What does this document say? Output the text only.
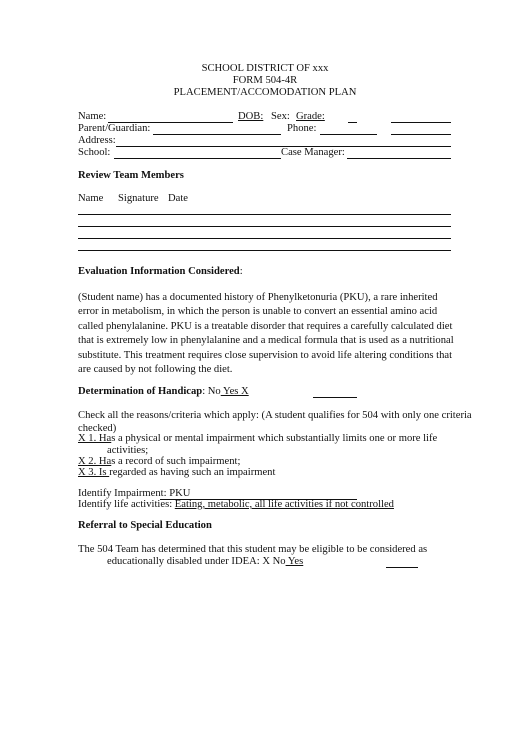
SCHOOL DISTRICT OF xxx
FORM 504-4R
PLACEMENT/ACCOMODATION PLAN
Name:	DOB: Sex: Grade:
Parent/Guardian:	Phone:
Address:
School:	Case Manager:
Review Team Members
Name Signature Date
Evaluation Information Considered:
(Student name) has a documented history of Phenylketonuria (PKU), a rare inherited
error in metabolism, in which the person is unable to convert an essential amino acid
called phenylalanine. PKU is a treatable disorder that requires a carefully calculated diet
that is extremely low in phenylalanine and a medical formula that is used as a nutritional
substitute. This treatment requires close supervision to avoid life altering conditions that
are caused by not following the diet.
Determination of Handicap: No Yes X
Check all the reasons/criteria which apply: (A student qualifies for 504 with only one criteria
checked)
X 1. Has a physical or mental impairment which substantially limits one or more life
activities;
X 2. Has a record of such impairment;
X 3. Is regarded as having such an impairment
Identify Impairment: PKU
Identify life activities: Eating, metabolic, all life activities if not controlled
Referral to Special Education
The 504 Team has determined that this student may be eligible to be considered as
educationally disabled under IDEA: X No Yes
